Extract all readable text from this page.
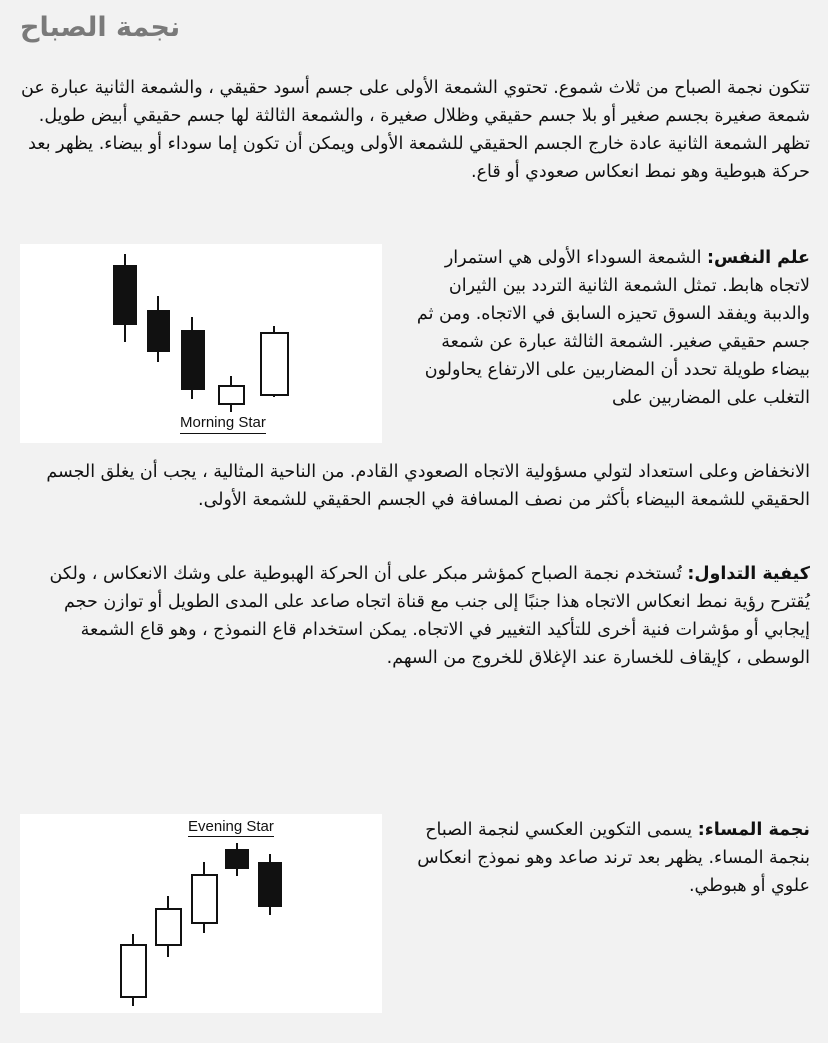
نجمة الصباح
تتكون نجمة الصباح من ثلاث شموع. تحتوي الشمعة الأولى على جسم أسود حقيقي ، والشمعة الثانية عبارة عن شمعة صغيرة بجسم صغير أو بلا جسم حقيقي وظلال صغيرة ، والشمعة الثالثة لها جسم حقيقي أبيض طويل. تظهر الشمعة الثانية عادة خارج الجسم الحقيقي للشمعة الأولى ويمكن أن تكون إما سوداء أو بيضاء. يظهر بعد حركة هبوطية وهو نمط انعكاس صعودي أو قاع.
Morning Star
علم النفس: الشمعة السوداء الأولى هي استمرار لاتجاه هابط. تمثل الشمعة الثانية التردد بين الثيران والدببة ويفقد السوق تحيزه السابق في الاتجاه. ومن ثم جسم حقيقي صغير. الشمعة الثالثة عبارة عن شمعة بيضاء طويلة تحدد أن المضاربين على الارتفاع يحاولون التغلب على المضاربين على
الانخفاض وعلى استعداد لتولي مسؤولية الاتجاه الصعودي القادم. من الناحية المثالية ، يجب أن يغلق الجسم الحقيقي للشمعة البيضاء بأكثر من نصف المسافة في الجسم الحقيقي للشمعة الأولى.
كيفية التداول: تُستخدم نجمة الصباح كمؤشر مبكر على أن الحركة الهبوطية على وشك الانعكاس ، ولكن يُقترح رؤية نمط انعكاس الاتجاه هذا جنبًا إلى جنب مع قناة اتجاه صاعد على المدى الطويل أو توازن حجم إيجابي أو مؤشرات فنية أخرى للتأكيد التغيير في الاتجاه. يمكن استخدام قاع النموذج ، وهو قاع الشمعة الوسطى ، كإيقاف للخسارة عند الإغلاق للخروج من السهم.
Evening Star	نجمة المساء: يسمى التكوين العكسي لنجمة الصباح بنجمة المساء. يظهر بعد ترند صاعد وهو نموذج انعكاس علوي أو هبوطي.
